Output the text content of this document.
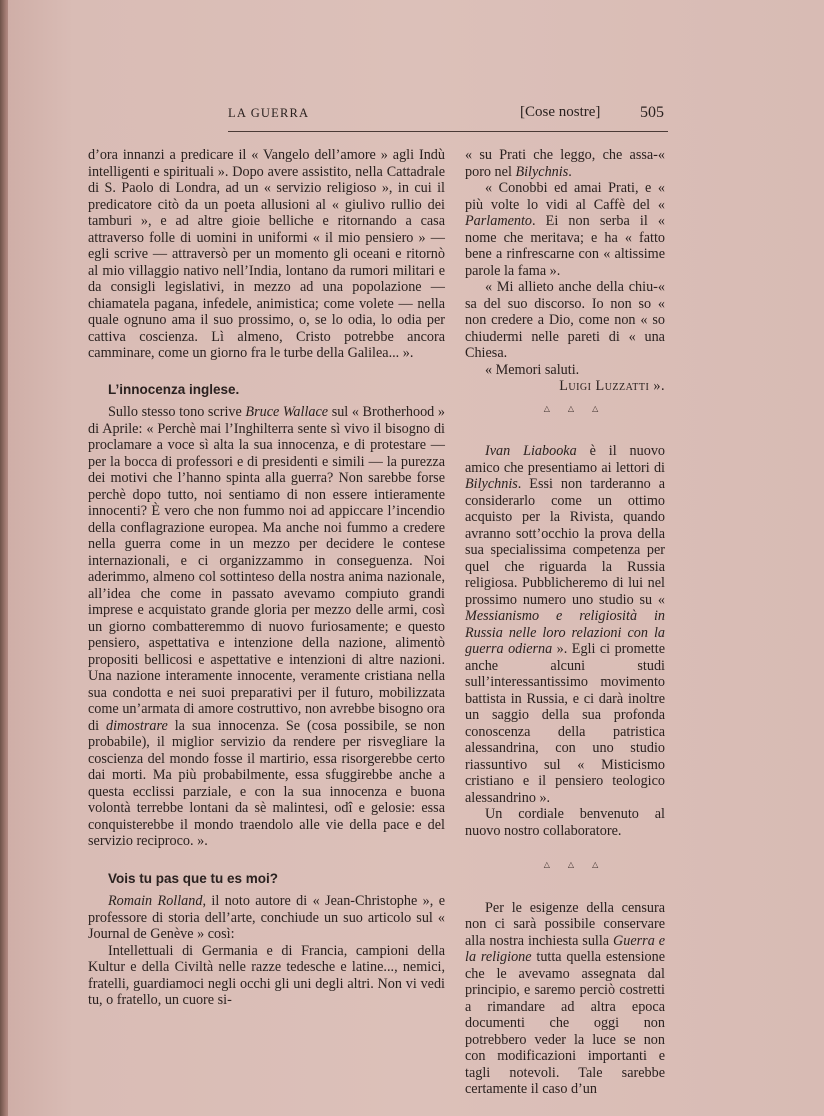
LA GUERRA	[Cose nostre] 505

d’ora innanzi a predicare il « Vangelo dell’amore » agli Indù intelligenti e spirituali ». Dopo avere assistito, nella Cattadrale di S. Paolo di Londra, ad un « servizio religioso », in cui il predicatore citò da un poeta allusioni al « giulivo rullio dei tamburi », e ad altre gioie belliche e ritornando a casa attraverso folle di uomini in uniformi « il mio pensiero » — egli scrive — attraversò per un momento gli oceani e ritornò al mio villaggio nativo nell’India, lontano da rumori militari e da consigli legislativi, in mezzo ad una popolazione — chiamatela pagana, infedele, animistica; come volete — nella quale ognuno ama il suo prossimo, o, se lo odia, lo odia per cattiva coscienza. Lì almeno, Cristo potrebbe ancora camminare, come un giorno fra le turbe della Galilea... ».

L’innocenza inglese.

Sullo stesso tono scrive Bruce Wallace sul « Brotherhood » di Aprile: « Perchè mai l’Inghilterra sente sì vivo il bisogno di proclamare a voce sì alta la sua innocenza, e di protestare — per la bocca di professori e di presidenti e simili — la purezza dei motivi che l’hanno spinta alla guerra? Non sarebbe forse perchè dopo tutto, noi sentiamo di non essere intieramente innocenti? È vero che non fummo noi ad appiccare l’incendio della conflagrazione europea. Ma anche noi fummo a credere nella guerra come in un mezzo per decidere le contese internazionali, e ci organizzammo in conseguenza. Noi aderimmo, almeno col sottinteso della nostra anima nazionale, all’idea che come in passato avevamo compiuto grandi imprese e acquistato grande gloria per mezzo delle armi, così un giorno combatteremmo di nuovo furiosamente; e questo pensiero, aspettativa e intenzione della nazione, alimentò propositi bellicosi e aspettative e intenzioni di altre nazioni. Una nazione interamente innocente, veramente cristiana nella sua condotta e nei suoi preparativi per il futuro, mobilizzata come un’armata di amore costruttivo, non avrebbe bisogno ora di dimostrare la sua innocenza. Se (cosa possibile, se non probabile), il miglior servizio da rendere per risvegliare la coscienza del mondo fosse il martirio, essa risorgerebbe certo dai morti. Ma più probabilmente, essa sfuggirebbe anche a questa ecclissi parziale, e con la sua innocenza e buona volontà terrebbe lontani da sè malintesi, odî e gelosie: essa conquisterebbe il mondo traendolo alle vie della pace e del servizio reciproco. ».

Vois tu pas que tu es moi?

Romain Rolland, il noto autore di « Jean-Christophe », e professore di storia dell’arte, conchiude un suo articolo sul « Journal de Genève » così:

Intellettuali di Germania e di Francia, campioni della Kultur e della Civiltà nelle razze tedesche e latine..., nemici, fratelli, guardiamoci negli occhi gli uni degli altri. Non vi vedi tu, o fratello, un cuore si-

« su Prati che leggo, che assa-« poro nel Bilychnis.

« Conobbi ed amai Prati, e « più volte lo vidi al Caffè del « Parlamento. Ei non serba il « nome che meritava; e ha « fatto bene a rinfrescarne con « altissime parole la fama ».

« Mi allieto anche della chiu-« sa del suo discorso. Io non so « non credere a Dio, come non « so chiudermi nelle pareti di « una Chiesa.

« Memori saluti.

Luigi Luzzatti ».

△ △ △

Ivan Liabooka è il nuovo amico che presentiamo ai lettori di Bilychnis. Essi non tarderanno a considerarlo come un ottimo acquisto per la Rivista, quando avranno sott’occhio la prova della sua specialissima competenza per quel che riguarda la Russia religiosa. Pubblicheremo di lui nel prossimo numero uno studio su « Messianismo e religiosità in Russia nelle loro relazioni con la guerra odierna ». Egli ci promette anche alcuni studi sull’interessantissimo movimento battista in Russia, e ci darà inoltre un saggio della sua profonda conoscenza della patristica alessandrina, con uno studio riassuntivo sul « Misticismo cristiano e il pensiero teologico alessandrino ».

Un cordiale benvenuto al nuovo nostro collaboratore.

△ △ △

Per le esigenze della censura non ci sarà possibile conservare alla nostra inchiesta sulla Guerra e la religione tutta quella estensione che le avevamo assegnata dal principio, e saremo perciò costretti a rimandare ad altra epoca documenti che oggi non potrebbero veder la luce se non con modificazioni importanti e tagli notevoli. Tale sarebbe certamente il caso d’un
